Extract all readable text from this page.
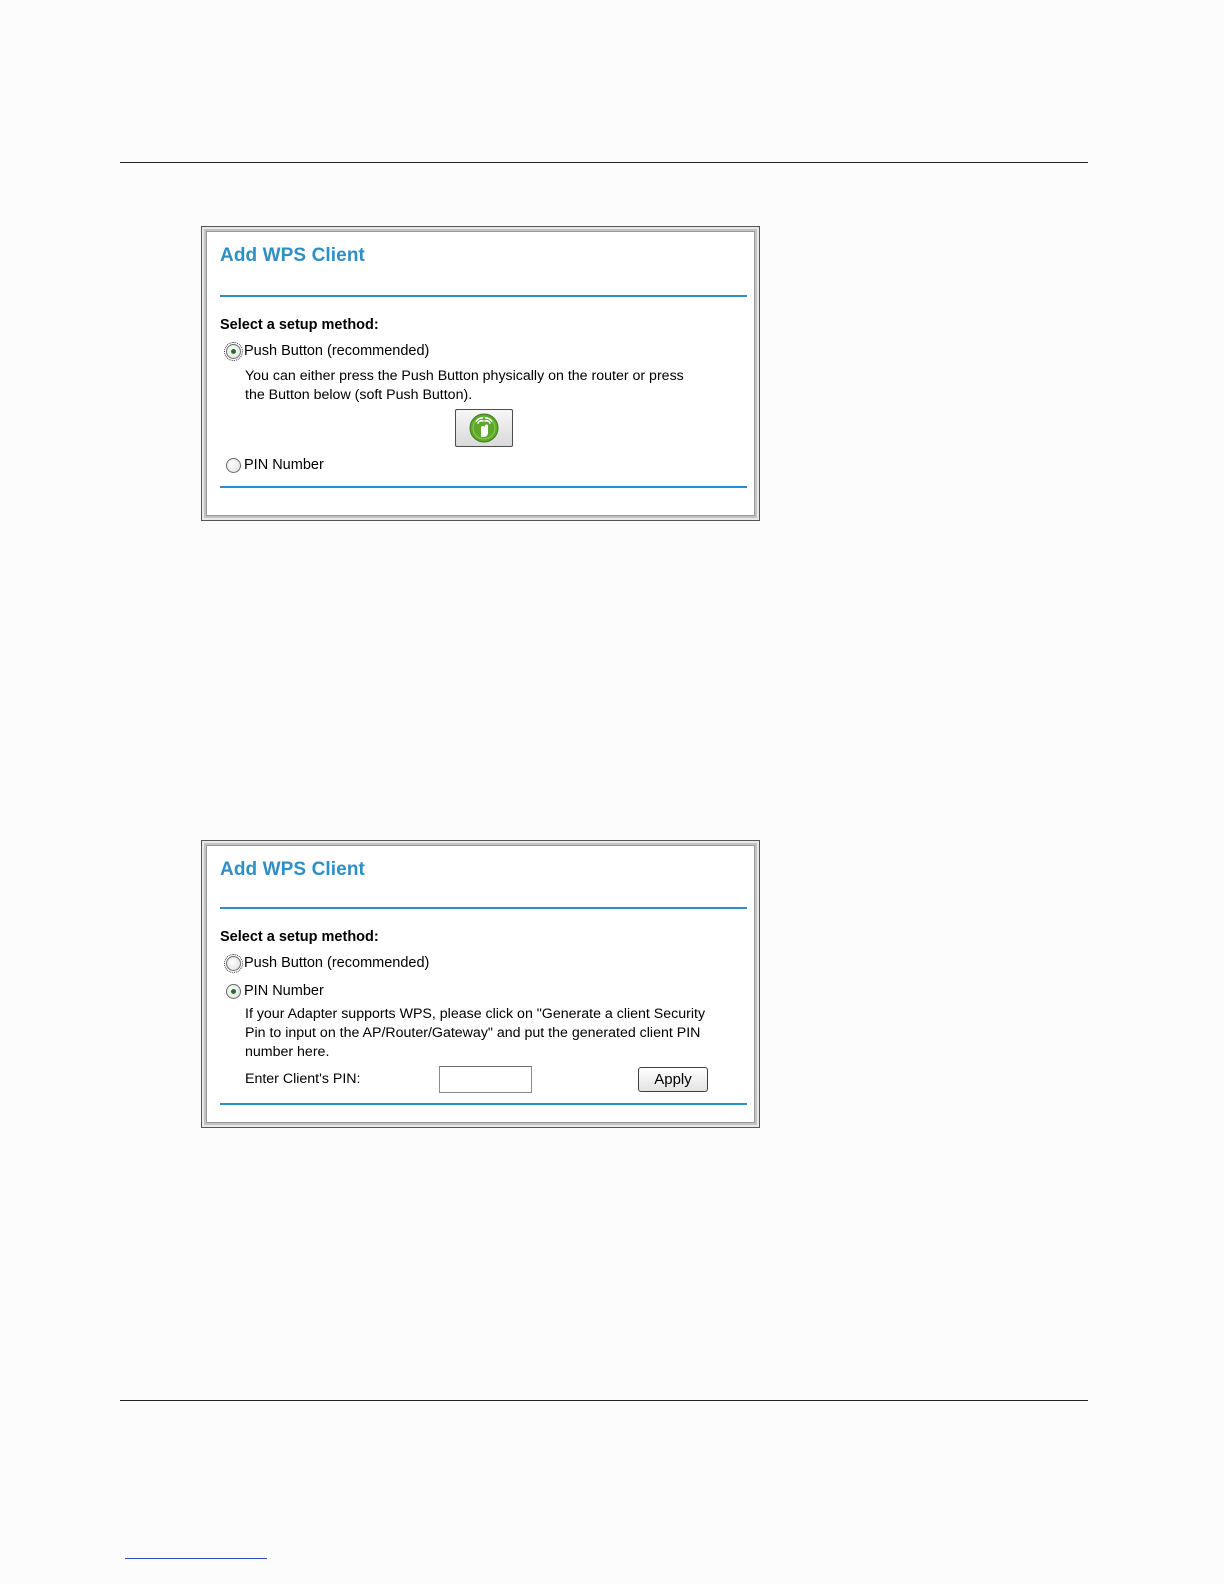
Add WPS Client
Select a setup method:
Push Button (recommended)

You can either press the Push Button physically on the router or press
the Button below (soft Push Button).

PIN Number
Add WPS Client
Select a setup method:
Push Button (recommended)
PIN Number

If your Adapter supports WPS, please click on "Generate a client Security
Pin to input on the AP/Router/Gateway" and put the generated client PIN
number here.

Enter Client's PIN:	Apply
